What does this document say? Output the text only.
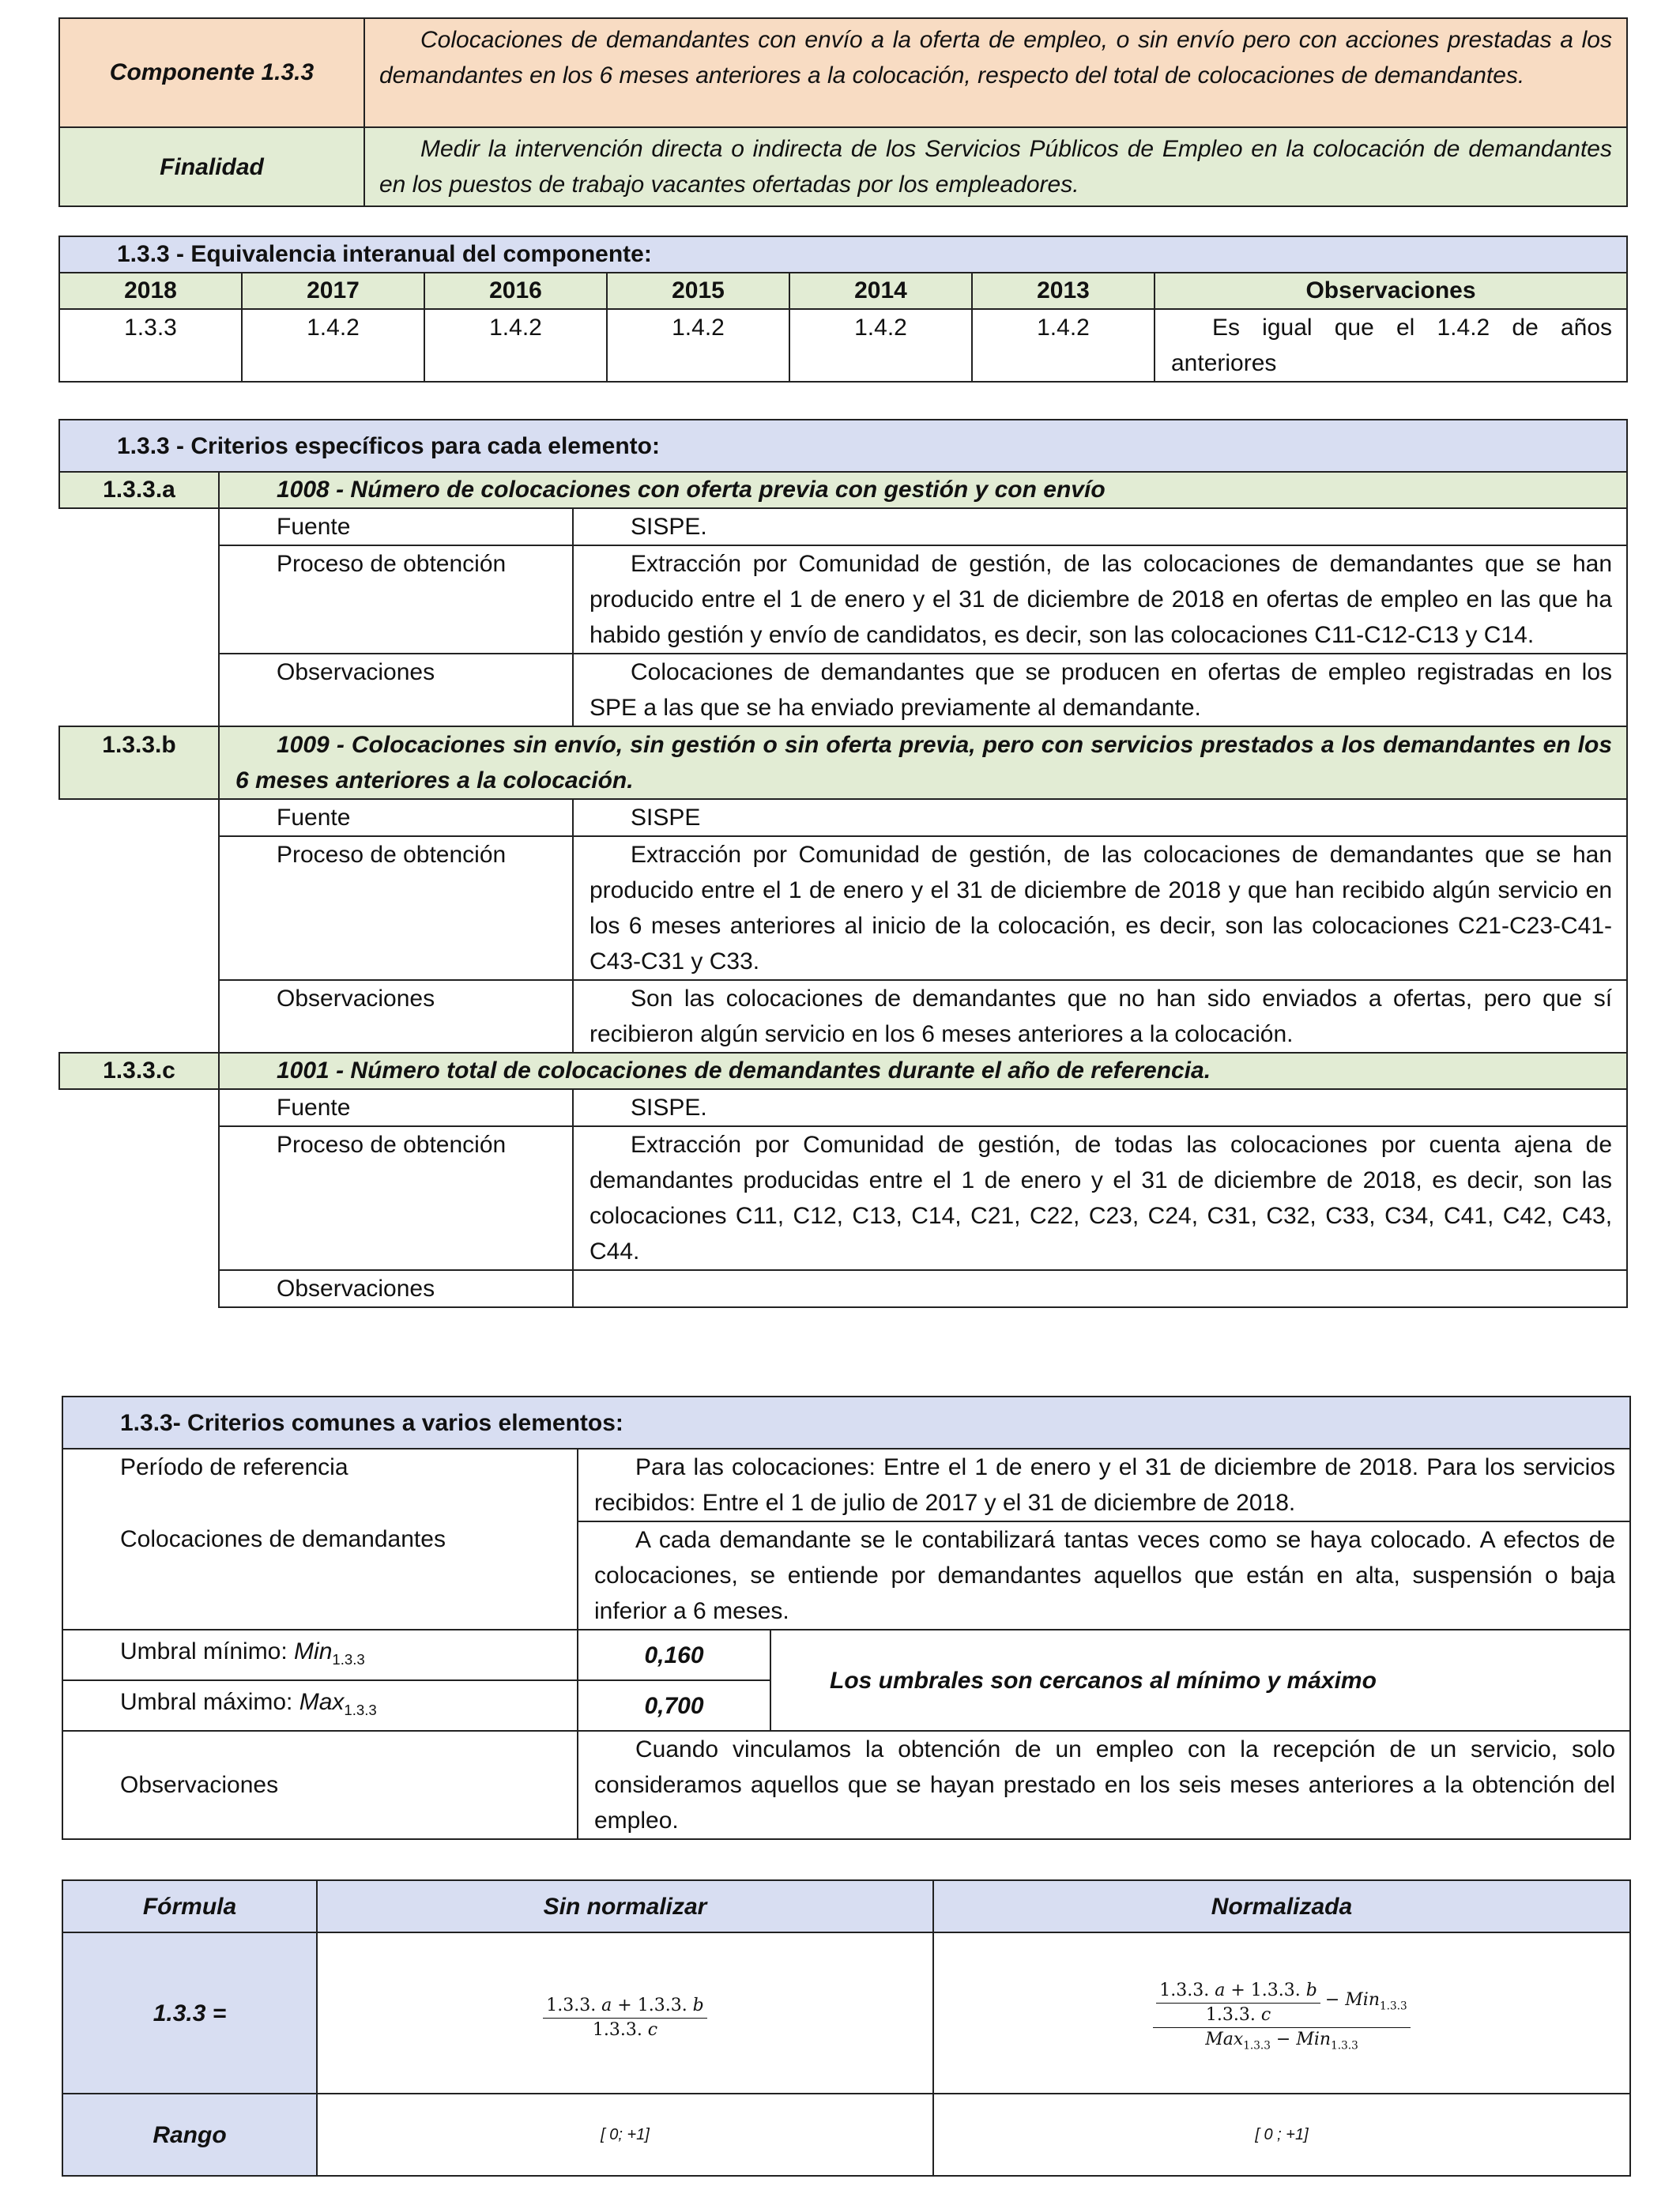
Componente 1.3.3	Colocaciones de demandantes con envío a la oferta de empleo, o sin envío pero con acciones prestadas a los demandantes en los 6 meses anteriores a la colocación, respecto del total de colocaciones de demandantes.
Finalidad	Medir la intervención directa o indirecta de los Servicios Públicos de Empleo en la colocación de demandantes en los puestos de trabajo vacantes ofertadas por los empleadores.
1.3.3 - Equivalencia interanual del componente:						
2018	2017	2016	2015	2014	2013	Observaciones
1.3.3	1.4.2	1.4.2	1.4.2	1.4.2	1.4.2	Es igual que el 1.4.2 de años anteriores
1.3.3 - Criterios específicos para cada elemento:		
1.3.3.a	1008 - Número de colocaciones con oferta previa con gestión y con envío	
	Fuente	SISPE.
	Proceso de obtención	Extracción por Comunidad de gestión, de las colocaciones de demandantes que se han producido entre el 1 de enero y el 31 de diciembre de 2018 en ofertas de empleo en las que ha habido gestión y envío de candidatos, es decir, son las colocaciones C11-C12-C13 y C14.
	Observaciones	Colocaciones de demandantes que se producen en ofertas de empleo registradas en los SPE a las que se ha enviado previamente al demandante.
1.3.3.b	1009 - Colocaciones sin envío, sin gestión o sin oferta previa, pero con servicios prestados a los demandantes en los 6 meses anteriores a la colocación.	
	Fuente	SISPE
	Proceso de obtención	Extracción por Comunidad de gestión, de las colocaciones de demandantes que se han producido entre el 1 de enero y el 31 de diciembre de 2018 y que han recibido algún servicio en los 6 meses anteriores al inicio de la colocación, es decir, son las colocaciones C21-C23-C41-C43-C31 y C33.
	Observaciones	Son las colocaciones de demandantes que no han sido enviados a ofertas, pero que sí recibieron algún servicio en los 6 meses anteriores a la colocación.
1.3.3.c	1001 - Número total de colocaciones de demandantes durante el año de referencia.	
	Fuente	SISPE.
	Proceso de obtención	Extracción por Comunidad de gestión, de todas las colocaciones por cuenta ajena de demandantes producidas entre el 1 de enero y el 31 de diciembre de 2018, es decir, son las colocaciones C11, C12, C13, C14, C21, C22, C23, C24, C31, C32, C33, C34, C41, C42, C43, C44.
	Observaciones	
1.3.3- Criterios comunes a varios elementos:		
Período de referencia	Para las colocaciones: Entre el 1 de enero y el 31 de diciembre de 2018. Para los servicios recibidos: Entre el 1 de julio de 2017 y el 31 de diciembre de 2018.	
Colocaciones de demandantes	A cada demandante se le contabilizará tantas veces como se haya colocado. A efectos de colocaciones, se entiende por demandantes aquellos que están en alta, suspensión o baja inferior a 6 meses.	
Umbral mínimo: Min$_{1.3.3}$	0,160	Los umbrales son cercanos al mínimo y máximo
Umbral máximo: Max$_{1.3.3}$	0,700	
Observaciones	Cuando vinculamos la obtención de un empleo con la recepción de un servicio, solo consideramos aquellos que se hayan prestado en los seis meses anteriores a la obtención del empleo.	
Fórmula	Sin normalizar	Normalizada
1.3.3 =	$\frac{\text{1.3.3. 𝑎 + 1.3.3. 𝑏}}{\text{1.3.3. 𝑐}}$	$\frac{\text{1.3.3. 𝑎 + 1.3.3. 𝑏}}{\text{1.3.3. 𝑐}}$ − 𝑀𝑖𝑛$_{1.3.3}$
𝑀𝑎𝑥$_{1.3.3}$ − 𝑀𝑖𝑛$_{1.3.3}$

Rango	[ 0; +1]	[ 0 ; +1]
